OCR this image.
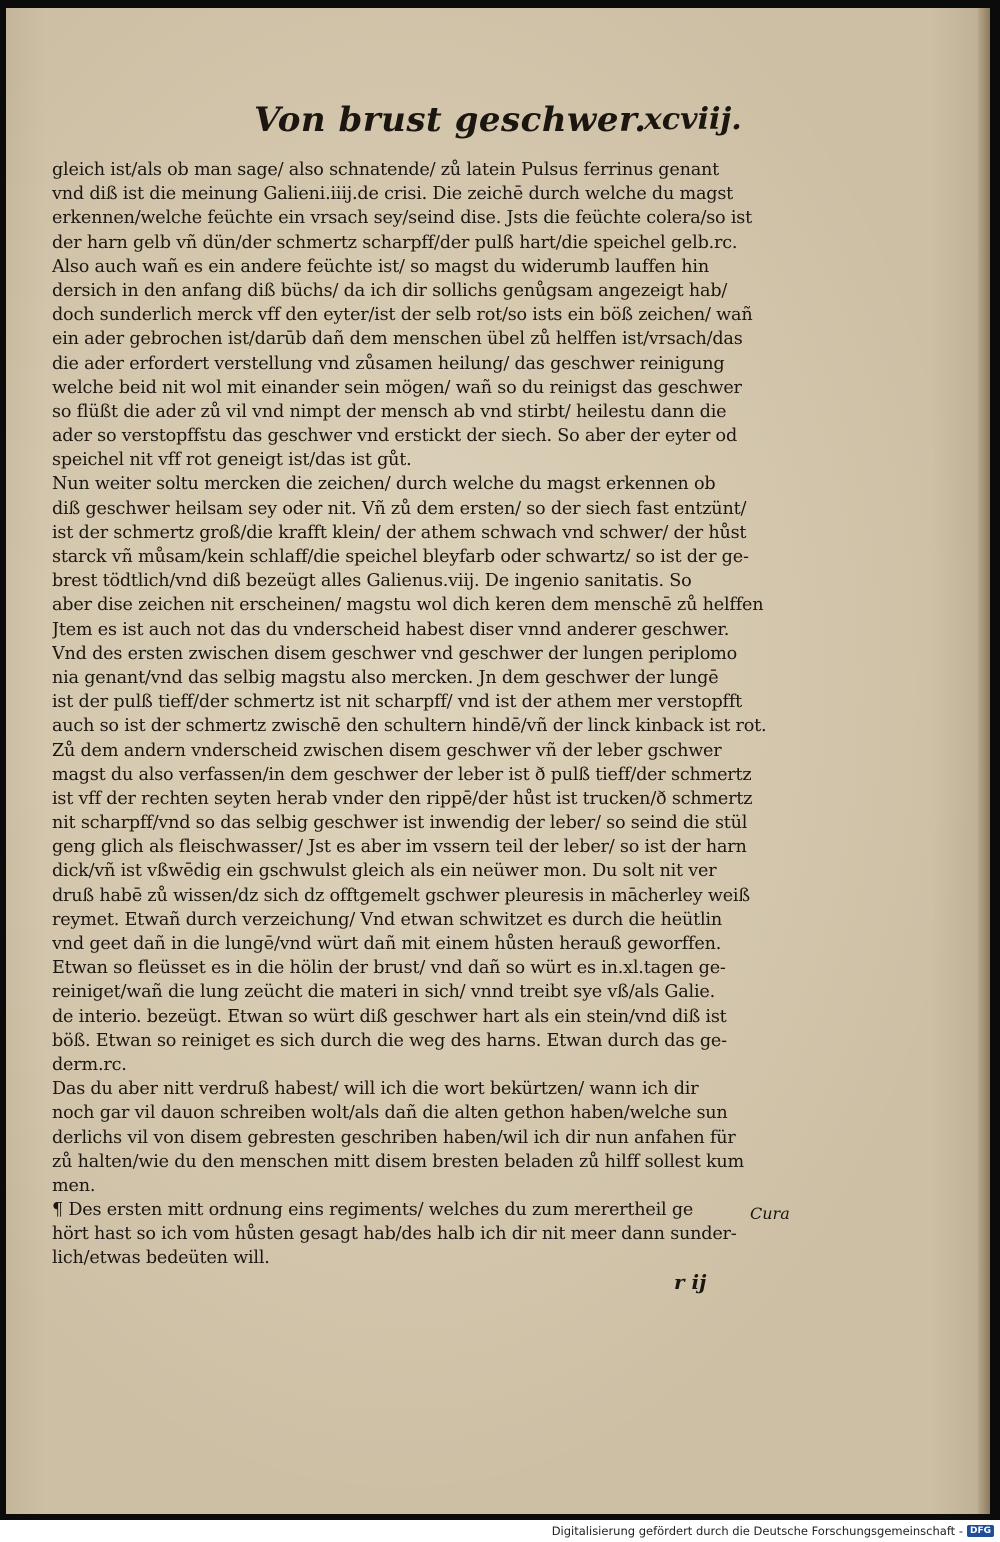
Von brust geschwer.
xcviij.
gleich ist/als ob man sage/ also schnatende/ zů latein Pulsus ferrinus genant
vnd diß ist die meinung Galieni.iiij.de crisi. Die zeichē durch welche du magst
erkennen/welche feüchte ein vrsach sey/seind dise. Jsts die feüchte colera/so ist
der harn gelb vñ dün/der schmertz scharpff/der pulß hart/die speichel gelb.rc.
Also auch wañ es ein andere feüchte ist/ so magst du widerumb lauffen hin
dersich in den anfang diß büchs/ da ich dir sollichs genůgsam angezeigt hab/
doch sunderlich merck vff den eyter/ist der selb rot/so ists ein böß zeichen/ wañ
ein ader gebrochen ist/darūb dañ dem menschen übel zů helffen ist/vrsach/das
die ader erfordert verstellung vnd zůsamen heilung/ das geschwer reinigung
welche beid nit wol mit einander sein mögen/ wañ so du reinigst das geschwer
so flüßt die ader zů vil vnd nimpt der mensch ab vnd stirbt/ heilestu dann die
ader so verstopffstu das geschwer vnd erstickt der siech. So aber der eyter od
speichel nit vff rot geneigt ist/das ist gůt.
Nun weiter soltu mercken die zeichen/ durch welche du magst erkennen ob
diß geschwer heilsam sey oder nit. Vñ zů dem ersten/ so der siech fast entzünt/
ist der schmertz groß/die krafft klein/ der athem schwach vnd schwer/ der hůst
starck vñ můsam/kein schlaff/die speichel bleyfarb oder schwartz/ so ist der ge-
brest tödtlich/vnd diß bezeügt alles Galienus.viij. De ingenio sanitatis. So
aber dise zeichen nit erscheinen/ magstu wol dich keren dem menschē zů helffen
Jtem es ist auch not das du vnderscheid habest diser vnnd anderer geschwer.
Vnd des ersten zwischen disem geschwer vnd geschwer der lungen periplomo
nia genant/vnd das selbig magstu also mercken. Jn dem geschwer der lungē
ist der pulß tieff/der schmertz ist nit scharpff/ vnd ist der athem mer verstopfft
auch so ist der schmertz zwischē den schultern hindē/vñ der linck kinback ist rot.
Zů dem andern vnderscheid zwischen disem geschwer vñ der leber gschwer
magst du also verfassen/in dem geschwer der leber ist ð pulß tieff/der schmertz
ist vff der rechten seyten herab vnder den rippē/der hůst ist trucken/ð schmertz
nit scharpff/vnd so das selbig geschwer ist inwendig der leber/ so seind die stül
geng glich als fleischwasser/ Jst es aber im vssern teil der leber/ so ist der harn
dick/vñ ist vßwēdig ein gschwulst gleich als ein neüwer mon. Du solt nit ver
druß habē zů wissen/dz sich dz offtgemelt gschwer pleuresis in mācherley weiß
reymet. Etwañ durch verzeichung/ Vnd etwan schwitzet es durch die heütlin
vnd geet dañ in die lungē/vnd würt dañ mit einem hůsten herauß geworffen.
Etwan so fleüsset es in die hölin der brust/ vnd dañ so würt es in.xl.tagen ge-
reiniget/wañ die lung zeücht die materi in sich/ vnnd treibt sye vß/als Galie.
de interio. bezeügt. Etwan so würt diß geschwer hart als ein stein/vnd diß ist
böß. Etwan so reiniget es sich durch die weg des harns. Etwan durch das ge-
derm.rc.
Das du aber nitt verdruß habest/ will ich die wort bekürtzen/ wann ich dir
noch gar vil dauon schreiben wolt/als dañ die alten gethon haben/welche sun
derlichs vil von disem gebresten geschriben haben/wil ich dir nun anfahen für
zů halten/wie du den menschen mitt disem bresten beladen zů hilff sollest kum
men.
¶ Des ersten mitt ordnung eins regiments/ welches du zum merertheil ge
hört hast so ich vom hůsten gesagt hab/des halb ich dir nit meer dann sunder-
lich/etwas bedeüten will.
Cura
r ij
Digitalisierung gefördert durch die Deutsche Forschungsgemeinschaft - DFG
